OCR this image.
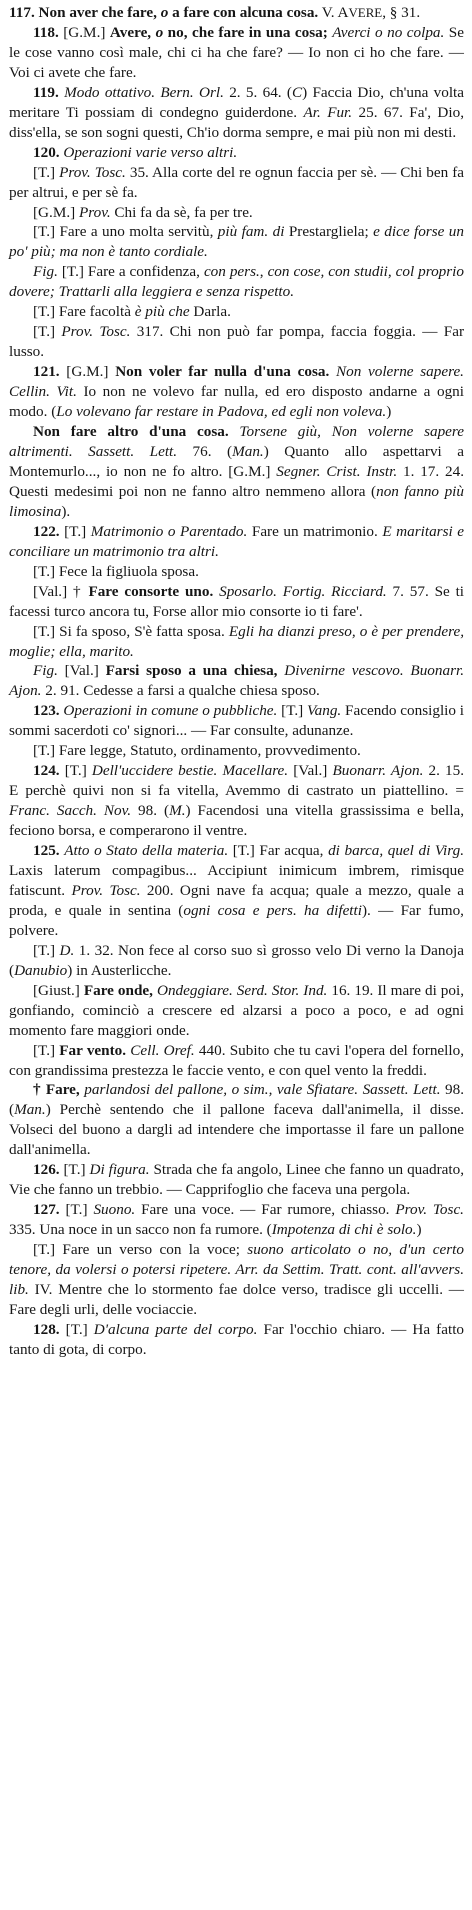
117. Non aver che fare, o a fare con alcuna cosa. V. AVERE, § 31.

118. [G.M.] Avere, o no, che fare in una cosa; Averci o no colpa. Se le cose vanno così male, chi ci ha che fare? — Io non ci ho che fare. — Voi ci avete che fare.

119. Modo ottativo. Bern. Orl. 2. 5. 64. (C) Faccia Dio, ch'una volta meritare Ti possiam di condegno guiderdone. Ar. Fur. 25. 67. Fa', Dio, diss'ella, se son sogni questi, Ch'io dorma sempre, e mai più non mi desti.

120. Operazioni varie verso altri.

[T.] Prov. Tosc. 35. Alla corte del re ognun faccia per sè. — Chi ben fa per altrui, e per sè fa.

[G.M.] Prov. Chi fa da sè, fa per tre.

[T.] Fare a uno molta servitù, più fam. di Prestargliela; e dice forse un po' più; ma non è tanto cordiale.

Fig. [T.] Fare a confidenza, con pers., con cose, con studii, col proprio dovere; Trattarli alla leggiera e senza rispetto.

[T.] Fare facoltà è più che Darla.

[T.] Prov. Tosc. 317. Chi non può far pompa, faccia foggia. — Far lusso.

121. [G.M.] Non voler far nulla d'una cosa. Non volerne sapere. Cellin. Vit. Io non ne volevo far nulla, ed ero disposto andarne a ogni modo. (Lo volevano far restare in Padova, ed egli non voleva.)

Non fare altro d'una cosa. Torsene giù, Non volerne sapere altrimenti. Sassett. Lett. 76. (Man.) Quanto allo aspettarvi a Montemurlo..., io non ne fo altro. [G.M.] Segner. Crist. Instr. 1. 17. 24. Questi medesimi poi non ne fanno altro nemmeno allora (non fanno più limosina).

122. [T.] Matrimonio o Parentado. Fare un matrimonio. E maritarsi e conciliare un matrimonio tra altri.

[T.] Fece la figliuola sposa.

[Val.] † Fare consorte uno. Sposarlo. Fortig. Ricciard. 7. 57. Se ti facessi turco ancora tu, Forse allor mio consorte io ti fare'.

[T.] Si fa sposo, S'è fatta sposa. Egli ha dianzi preso, o è per prendere, moglie; ella, marito.

Fig. [Val.] Farsi sposo a una chiesa, Divenirne vescovo. Buonarr. Ajon. 2. 91. Cedesse a farsi a qualche chiesa sposo.

123. Operazioni in comune o pubbliche. [T.] Vang. Facendo consiglio i sommi sacerdoti co' signori... — Far consulte, adunanze.

[T.] Fare legge, Statuto, ordinamento, provvedimento.

124. [T.] Dell'uccidere bestie. Macellare. [Val.] Buonarr. Ajon. 2. 15. E perchè quivi non si fa vitella, Avemmo di castrato un piattellino. = Franc. Sacch. Nov. 98. (M.) Facendosi una vitella grassissima e bella, feciono borsa, e comperarono il ventre.

125. Atto o Stato della materia. [T.] Far acqua, di barca, quel di Virg. Laxis laterum compagibus... Accipiunt inimicum imbrem, rimisque fatiscunt. Prov. Tosc. 200. Ogni nave fa acqua; quale a mezzo, quale a proda, e quale in sentina (ogni cosa e pers. ha difetti). — Far fumo, polvere.

[T.] D. 1. 32. Non fece al corso suo sì grosso velo Di verno la Danoja (Danubio) in Austerlicche.

[Giust.] Fare onde, Ondeggiare. Serd. Stor. Ind. 16. 19. Il mare di poi, gonfiando, cominciò a crescere ed alzarsi a poco a poco, e ad ogni momento fare maggiori onde.

[T.] Far vento. Cell. Oref. 440. Subito che tu cavi l'opera del fornello, con grandissima prestezza le faccie vento, e con quel vento la freddi.

† Fare, parlandosi del pallone, o sim., vale Sfiatare. Sassett. Lett. 98. (Man.) Perchè sentendo che il pallone faceva dall'animella, il disse. Volseci del buono a dargli ad intendere che importasse il fare un pallone dall'animella.

126. [T.] Di figura. Strada che fa angolo, Linee che fanno un quadrato, Vie che fanno un trebbio. — Capprifoglio che faceva una pergola.

127. [T.] Suono. Fare una voce. — Far rumore, chiasso. Prov. Tosc. 335. Una noce in un sacco non fa rumore. (Impotenza di chi è solo.)

[T.] Fare un verso con la voce; suono articolato o no, d'un certo tenore, da volersi o potersi ripetere. Arr. da Settim. Tratt. cont. all'avvers. lib. IV. Mentre che lo stormento fae dolce verso, tradisce gli uccelli. — Fare degli urli, delle vociaccie.

128. [T.] D'alcuna parte del corpo. Far l'occhio chiaro. — Ha fatto tanto di gota, di corpo.
